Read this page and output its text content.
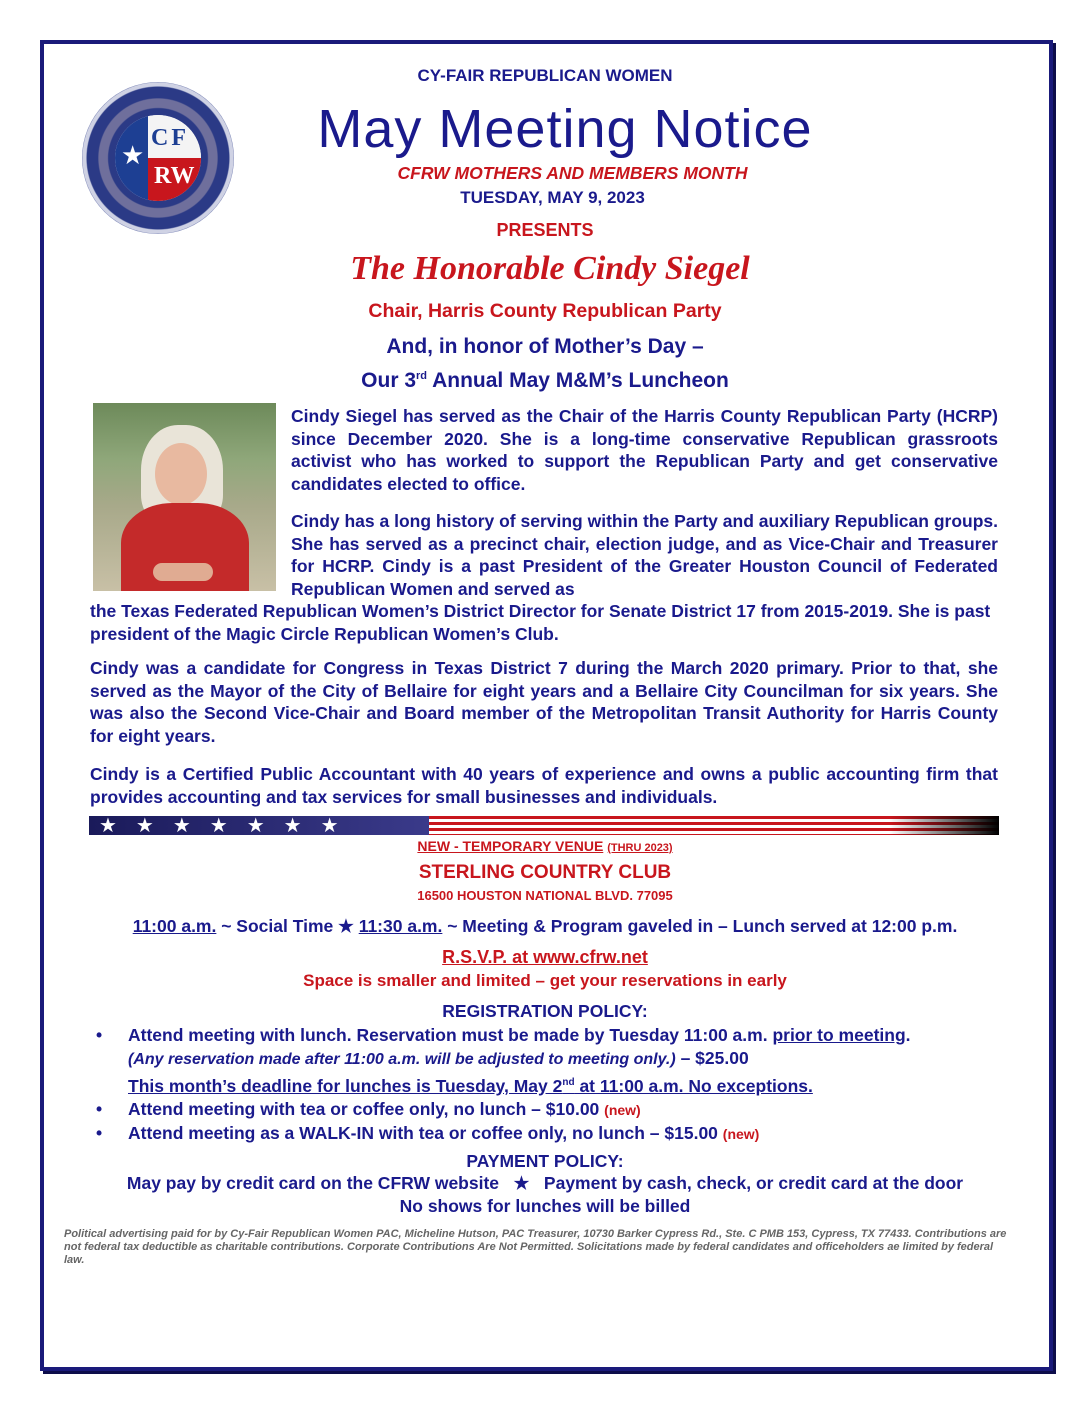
★
CF
RW
CY-FAIR REPUBLICAN WOMEN
May Meeting Notice
CFRW MOTHERS AND MEMBERS MONTH
TUESDAY, MAY 9, 2023
PRESENTS
The Honorable Cindy Siegel
Chair, Harris County Republican Party
And, in honor of Mother’s Day –
Our 3rd Annual May M&M’s Luncheon

Cindy Siegel has served as the Chair of the Harris County Republican Party (HCRP) since December 2020. She is a long-time conservative Republican grassroots activist who has worked to support the Republican Party and get conservative candidates elected to office.

Cindy has a long history of serving within the Party and auxiliary Republican groups. She has served as a precinct chair, election judge, and as Vice-Chair and Treasurer for HCRP. Cindy is a past President of the Greater Houston Council of Federated Republican Women and served as

the Texas Federated Republican Women’s District Director for Senate District 17 from 2015-2019. She is past president of the Magic Circle Republican Women’s Club.

Cindy was a candidate for Congress in Texas District 7 during the March 2020 primary. Prior to that, she served as the Mayor of the City of Bellaire for eight years and a Bellaire City Councilman for six years. She was also the Second Vice-Chair and Board member of the Metropolitan Transit Authority for Harris County for eight years.

Cindy is a Certified Public Accountant with 40 years of experience and owns a public accounting firm that provides accounting and tax services for small businesses and individuals.

★★★★★★★
NEW - TEMPORARY VENUE (THRU 2023)
STERLING COUNTRY CLUB
16500 HOUSTON NATIONAL BLVD. 77095
11:00 a.m. ~ Social Time ★ 11:30 a.m. ~ Meeting & Program gaveled in – Lunch served at 12:00 p.m.
R.S.V.P. at www.cfrw.net
Space is smaller and limited – get your reservations in early
REGISTRATION POLICY:
• Attend meeting with lunch. Reservation must be made by Tuesday 11:00 a.m. prior to meeting.
(Any reservation made after 11:00 a.m. will be adjusted to meeting only.) – $25.00
This month’s deadline for lunches is Tuesday, May 2nd at 11:00 a.m. No exceptions.
• Attend meeting with tea or coffee only, no lunch – $10.00 (new)
• Attend meeting as a WALK-IN with tea or coffee only, no lunch – $15.00 (new)
PAYMENT POLICY:
May pay by credit card on the CFRW website ★ Payment by cash, check, or credit card at the door
No shows for lunches will be billed
Political advertising paid for by Cy-Fair Republican Women PAC, Micheline Hutson, PAC Treasurer, 10730 Barker Cypress Rd., Ste. C PMB 153, Cypress, TX 77433. Contributions are not federal tax deductible as charitable contributions. Corporate Contributions Are Not Permitted. Solicitations made by federal candidates and officeholders ae limited by federal law.
